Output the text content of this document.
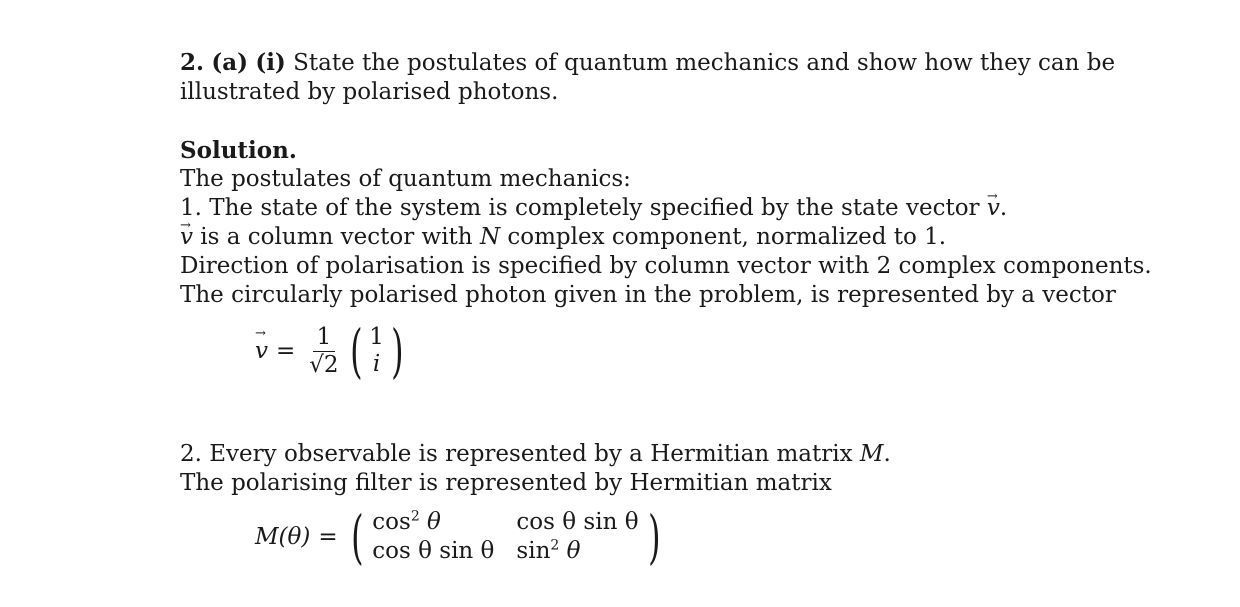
2. (a) (i) State the postulates of quantum mechanics and show how they can be
illustrated by polarised photons.
Solution.
The postulates of quantum mechanics:
1. The state of the system is completely specified by the state vector → v.
→ v is a column vector with N complex component, normalized to 1.
Direction of polarisation is specified by column vector with 2 complex components.
The circularly polarised photon given in the problem, is represented by a vector
→ $v = \frac{1}{√2}$ ( 1
i )
2. Every observable is represented by a Hermitian matrix M.
The polarising filter is represented by Hermitian matrix
M(θ) = ( $\cos^2 \theta$	cos θ sin θ
cos θ sin θ $\sin^2 \theta$	)
